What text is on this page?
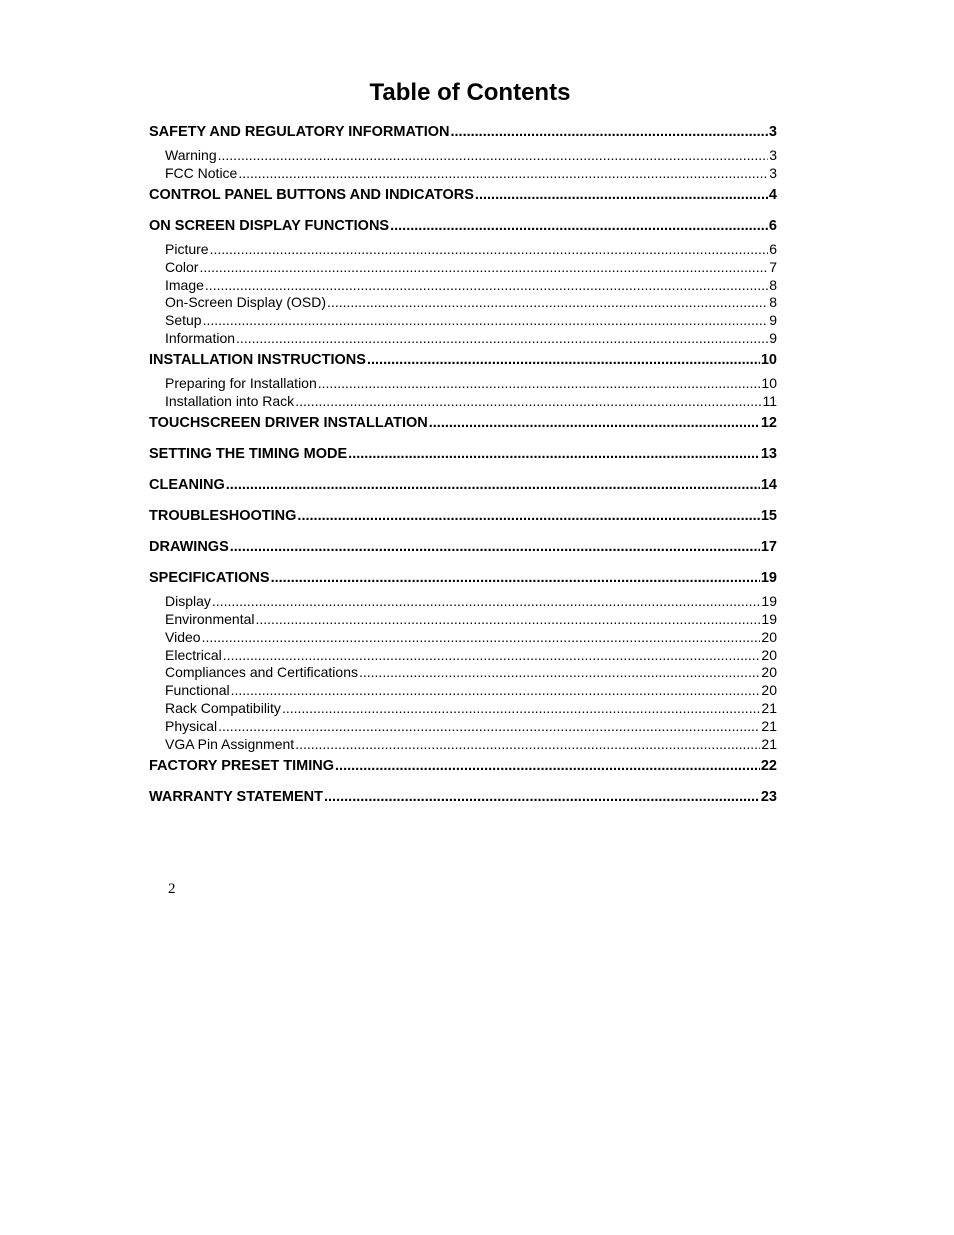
Table of Contents
SAFETY AND REGULATORY INFORMATION .....	3
Warning .....	3
FCC Notice .....	3
CONTROL PANEL BUTTONS AND INDICATORS .....	4
ON SCREEN DISPLAY FUNCTIONS .....	6
Picture .....	6
Color .....	7
Image .....	8
On-Screen Display (OSD) .....	8
Setup .....	9
Information .....	9
INSTALLATION INSTRUCTIONS .....	10
Preparing for Installation .....	10
Installation into Rack .....	11
TOUCHSCREEN DRIVER INSTALLATION .....	12
SETTING THE TIMING MODE .....	13
CLEANING .....	14
TROUBLESHOOTING .....	15
DRAWINGS .....	17
SPECIFICATIONS .....	19
Display .....	19
Environmental .....	19
Video .....	20
Electrical .....	20
Compliances and Certifications .....	20
Functional .....	20
Rack Compatibility .....	21
Physical .....	21
VGA Pin Assignment .....	21
FACTORY PRESET TIMING .....	22
WARRANTY STATEMENT .....	23
2
